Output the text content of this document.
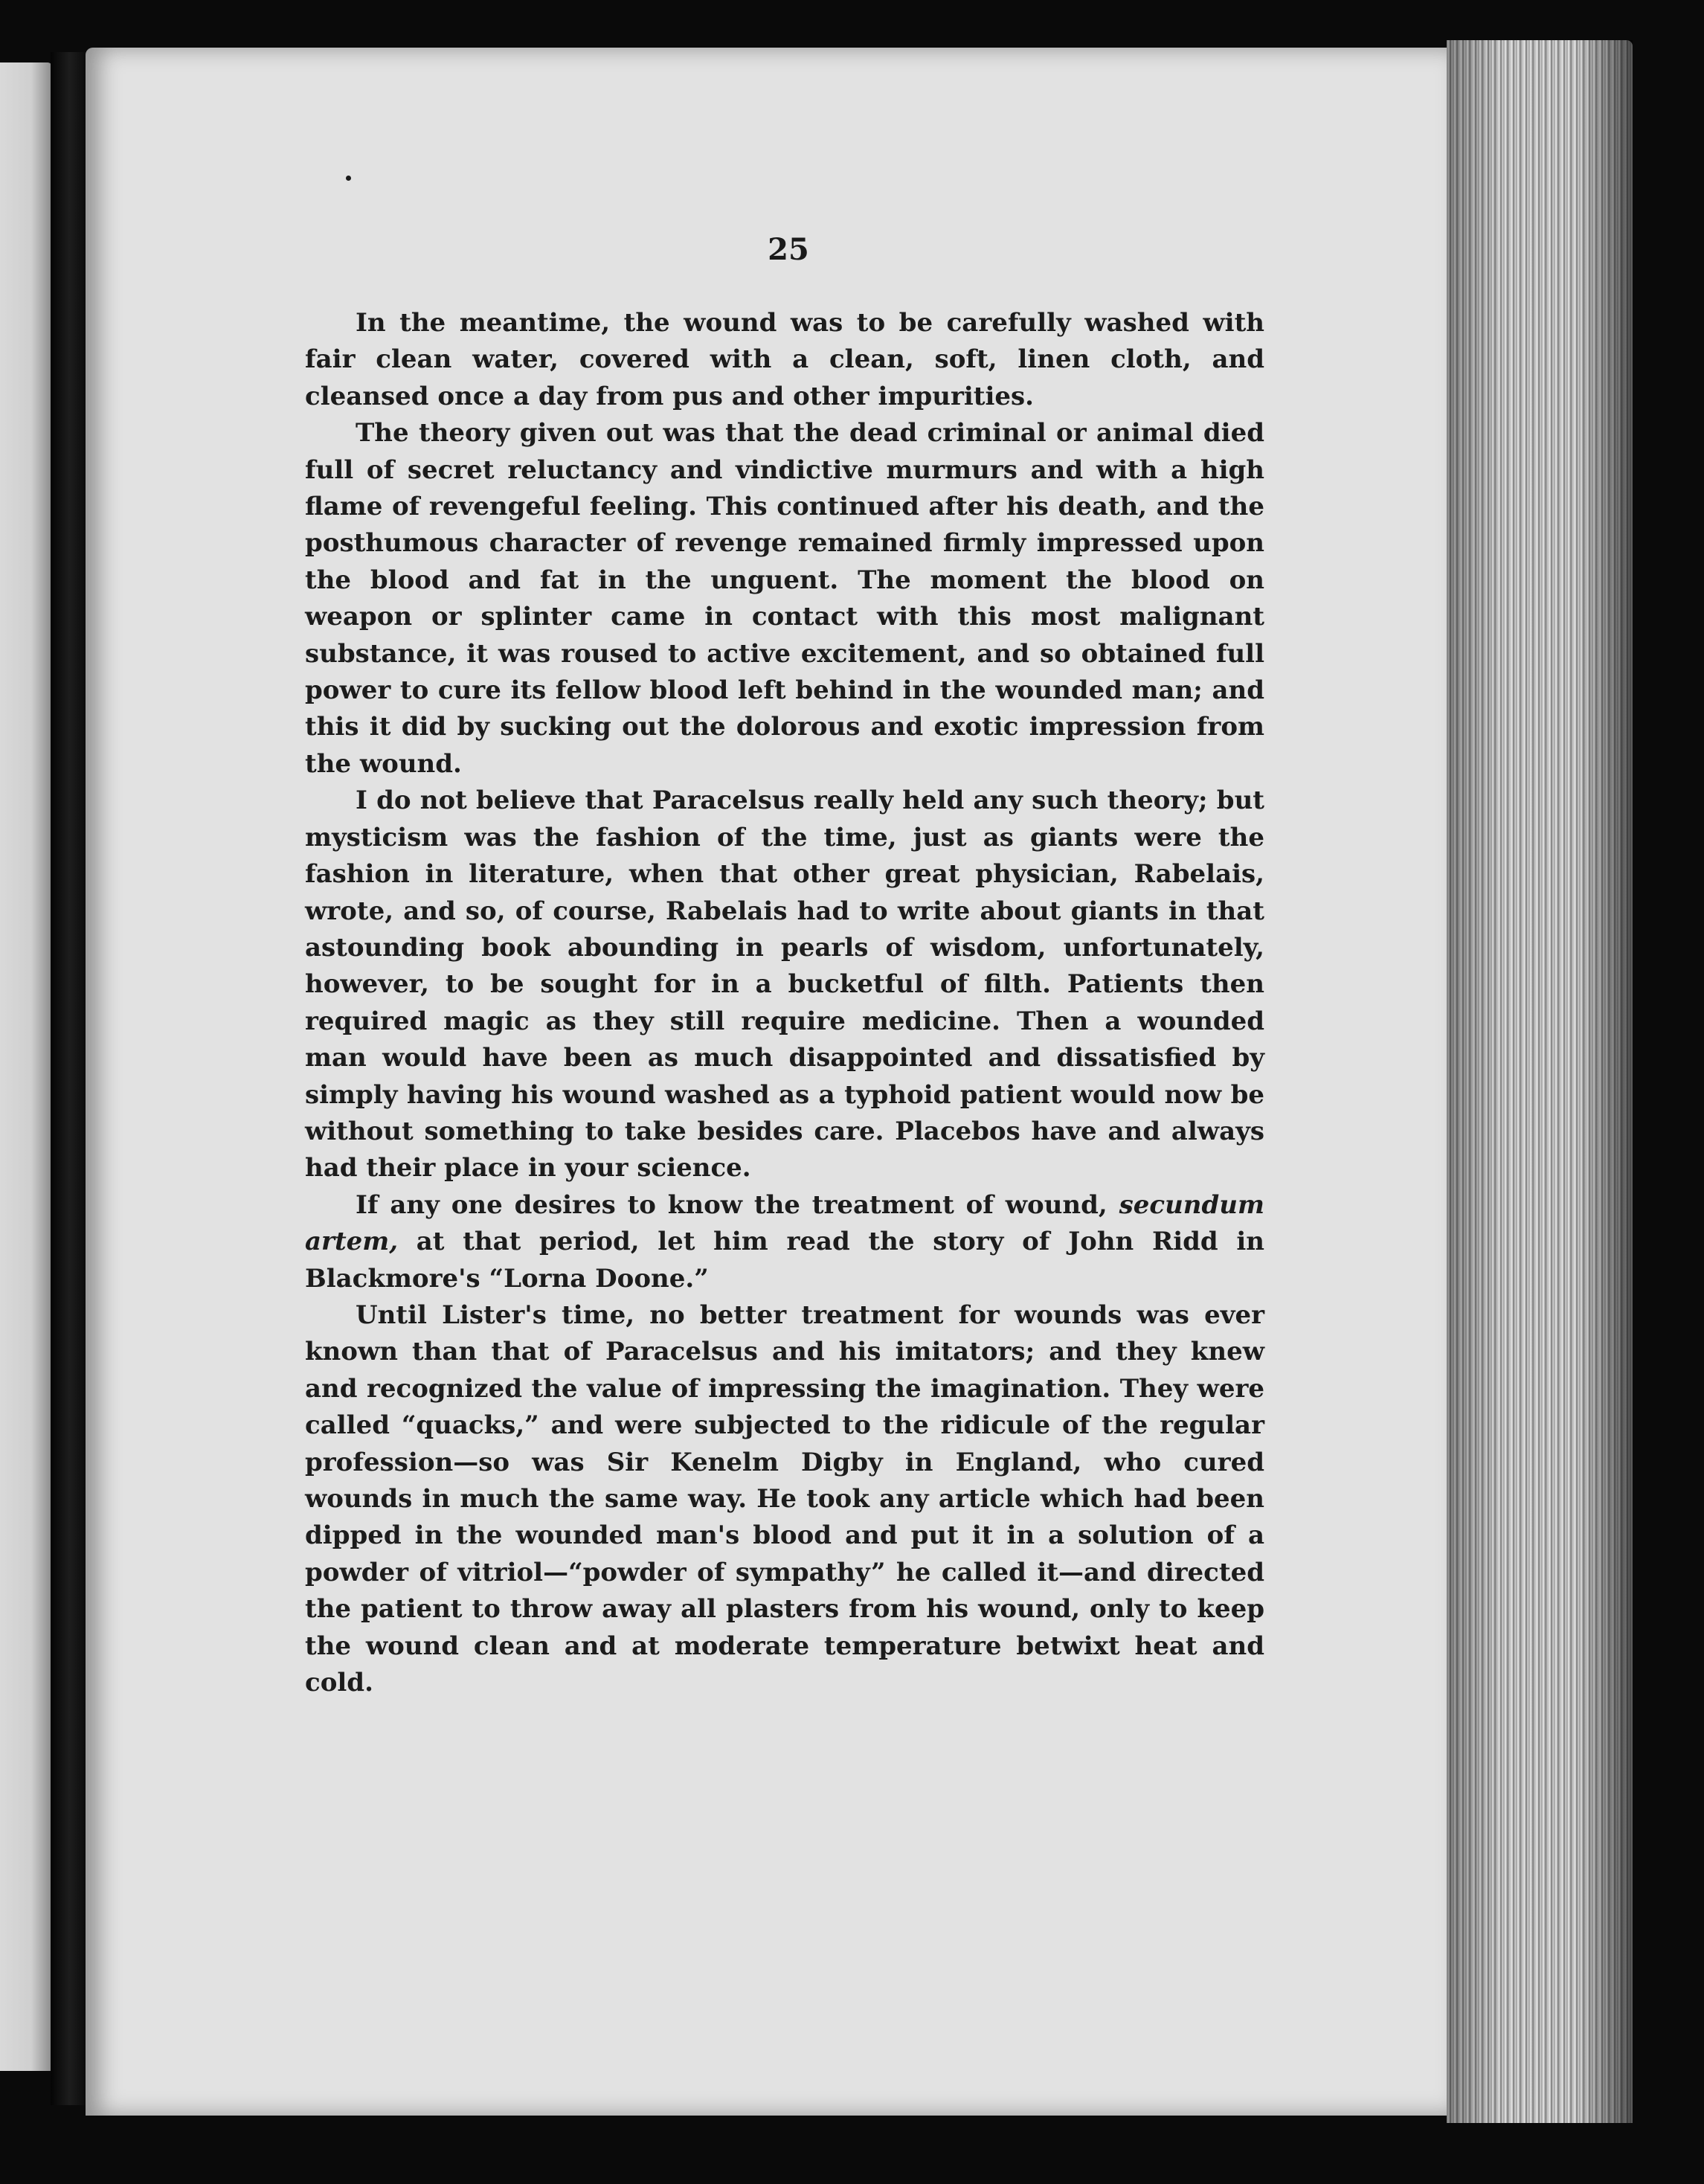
25

In the meantime, the wound was to be carefully washed with fair clean water, covered with a clean, soft, linen cloth, and cleansed once a day from pus and other impurities.

The theory given out was that the dead criminal or animal died full of secret reluctancy and vindictive murmurs and with a high flame of revengeful feeling. This continued after his death, and the posthumous character of revenge remained firmly impressed upon the blood and fat in the unguent. The moment the blood on weapon or splinter came in contact with this most malignant substance, it was roused to active excitement, and so obtained full power to cure its fellow blood left behind in the wounded man; and this it did by sucking out the dolorous and exotic impression from the wound.

I do not believe that Paracelsus really held any such theory; but mysticism was the fashion of the time, just as giants were the fashion in literature, when that other great physician, Rabelais, wrote, and so, of course, Rabelais had to write about giants in that astounding book abounding in pearls of wisdom, unfortunately, however, to be sought for in a bucketful of filth. Patients then required magic as they still require medicine. Then a wounded man would have been as much disappointed and dissatisfied by simply having his wound washed as a typhoid patient would now be without something to take besides care. Placebos have and always had their place in your science.

If any one desires to know the treatment of wound, secundum artem, at that period, let him read the story of John Ridd in Blackmore's “Lorna Doone.”

Until Lister's time, no better treatment for wounds was ever known than that of Paracelsus and his imitators; and they knew and recognized the value of impressing the imagination. They were called “quacks,” and were subjected to the ridicule of the regular profession—so was Sir Kenelm Digby in England, who cured wounds in much the same way. He took any article which had been dipped in the wounded man's blood and put it in a solution of a powder of vitriol—“powder of sympathy” he called it—and directed the patient to throw away all plasters from his wound, only to keep the wound clean and at moderate temperature betwixt heat and cold.
